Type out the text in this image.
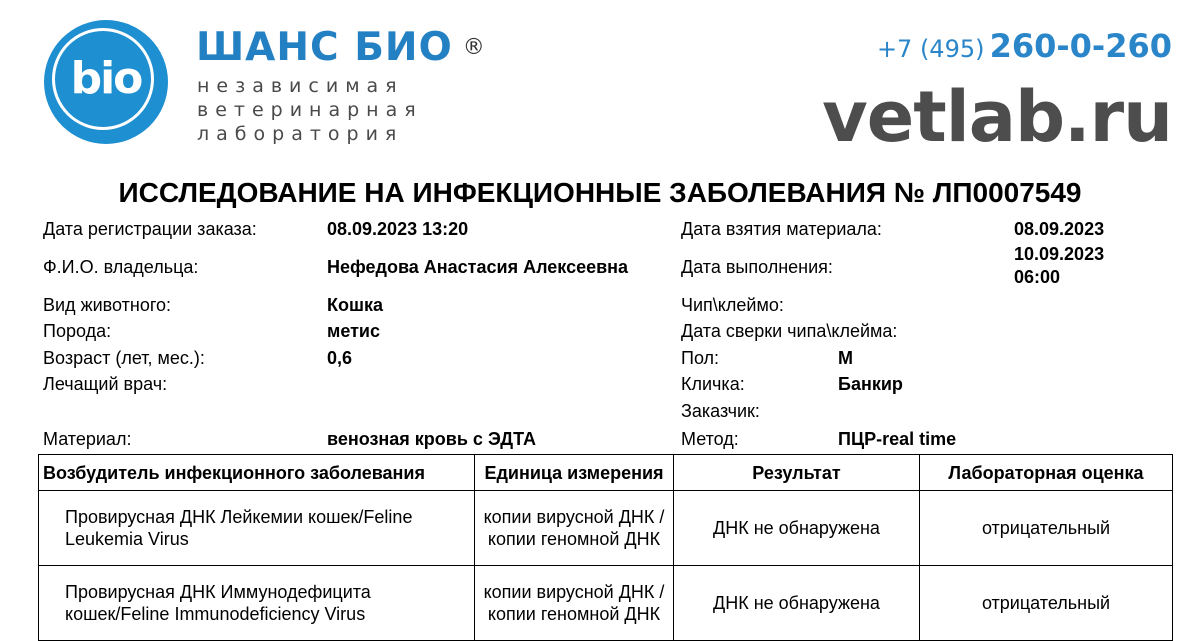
bio
ШАНС БИО ®
независимая
ветеринарная
лаборатория
+7 (495) 260-0-260
vetlab.ru
ИССЛЕДОВАНИЕ НА ИНФЕКЦИОННЫЕ ЗАБОЛЕВАНИЯ № ЛП0007549
Дата регистрации заказа:	08.09.2023 13:20
Ф.И.О. владельца:	Нефедова Анастасия Алексеевна
Вид животного:	Кошка
Порода:	метис
Возраст (лет, мес.):	0,6
Лечащий врач:
Материал:	венозная кровь с ЭДТА
Дата взятия материала:	08.09.2023
Дата выполнения:
10.09.2023
06:00
Чип\клеймо:
Дата сверки чипа\клейма:
Пол:	М
Кличка:	Банкир
Заказчик:
Метод:	ПЦР-real time
Возбудитель инфекционного заболевания	Единица измерения	Результат	Лабораторная оценка
Провирусная ДНК Лейкемии кошек/Feline Leukemia Virus	копии вирусной ДНК / копии геномной ДНК	ДНК не обнаружена	отрицательный
Провирусная ДНК Иммунодефицита кошек/Feline Immunodeficiency Virus	копии вирусной ДНК / копии геномной ДНК	ДНК не обнаружена	отрицательный
